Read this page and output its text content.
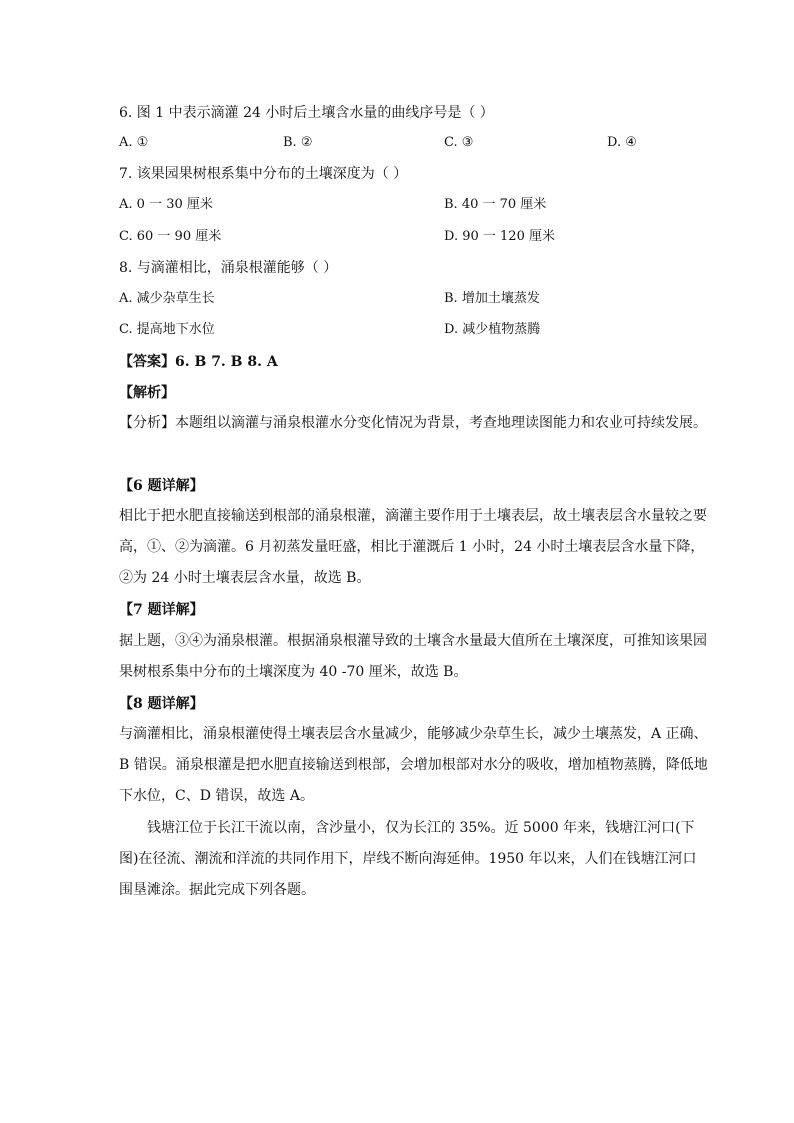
6. 图 1 中表示滴灌 24 小时后土壤含水量的曲线序号是（ ）
A. ①	B. ②	C. ③	D. ④
7. 该果园果树根系集中分布的土壤深度为（ ）
A. 0 一 30 厘米	B. 40 一 70 厘米
C. 60 一 90 厘米	D. 90 一 120 厘米
8. 与滴灌相比，涌泉根灌能够（ ）
A. 减少杂草生长	B. 增加土壤蒸发
C. 提高地下水位	D. 减少植物蒸腾
【答案】6. B 7. B 8. A
【解析】
【分析】本题组以滴灌与涌泉根灌水分变化情况为背景，考查地理读图能力和农业可持续发展。
【6 题详解】
相比于把水肥直接输送到根部的涌泉根灌，滴灌主要作用于土壤表层，故土壤表层含水量较之要高，①、②为滴灌。6 月初蒸发量旺盛，相比于灌溉后 1 小时，24 小时土壤表层含水量下降，②为 24 小时土壤表层含水量，故选 B。
【7 题详解】
据上题，③④为涌泉根灌。根据涌泉根灌导致的土壤含水量最大值所在土壤深度，可推知该果园果树根系集中分布的土壤深度为 40 -70 厘米，故选 B。
【8 题详解】
与滴灌相比，涌泉根灌使得土壤表层含水量减少，能够减少杂草生长，减少土壤蒸发，A 正确、B 错误。涌泉根灌是把水肥直接输送到根部，会增加根部对水分的吸收，增加植物蒸腾，降低地下水位，C、D 错误，故选 A。
钱塘江位于长江干流以南，含沙量小，仅为长江的 35%。近 5000 年来，钱塘江河口(下图)在径流、潮流和洋流的共同作用下，岸线不断向海延伸。1950 年以来，人们在钱塘江河口围垦滩涂。据此完成下列各题。
